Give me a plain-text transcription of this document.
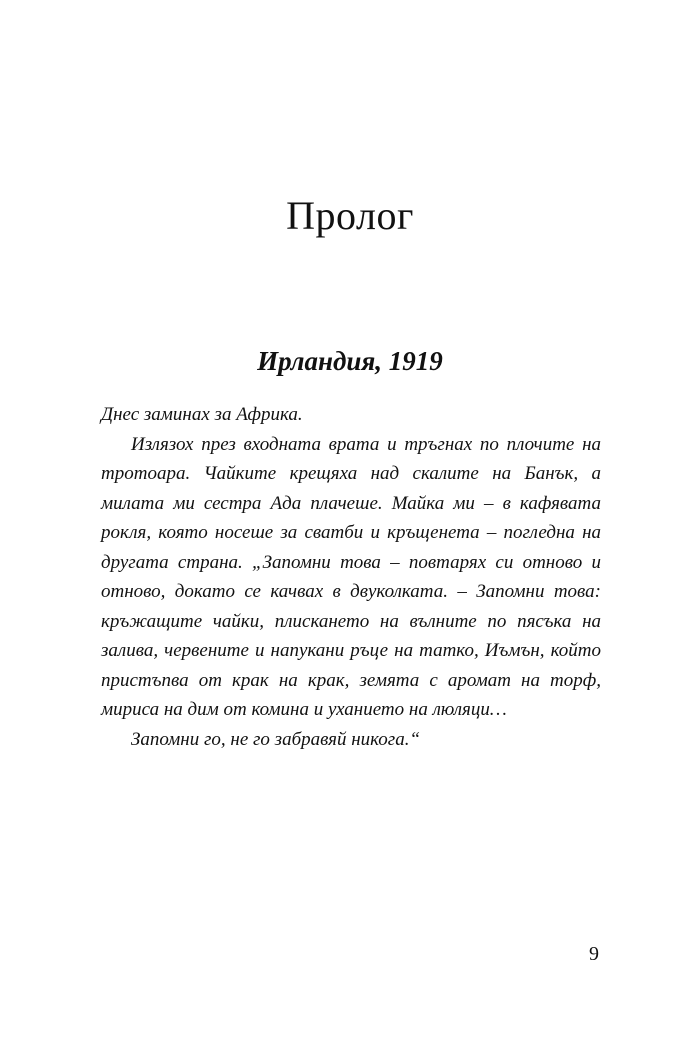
Пролог
Ирландия, 1919

Днес заминах за Африка.

Излязох през входната врата и тръгнах по плочите на тротоара. Чайките крещяха над скалите на Банък, а милата ми сестра Ада плачеше. Майка ми – в кафявата рокля, която носеше за сватби и кръщенета – погледна на другата страна. „Запомни това – повтарях си отново и отново, докато се качвах в двуколката. – Запомни това: кръжащите чайки, плискането на вълните по пясъка на залива, червените и напукани ръце на татко, Иъмън, който пристъпва от крак на крак, земята с аромат на торф, мириса на дим от комина и уханието на люляци…

Запомни го, не го забравяй никога.“

9
